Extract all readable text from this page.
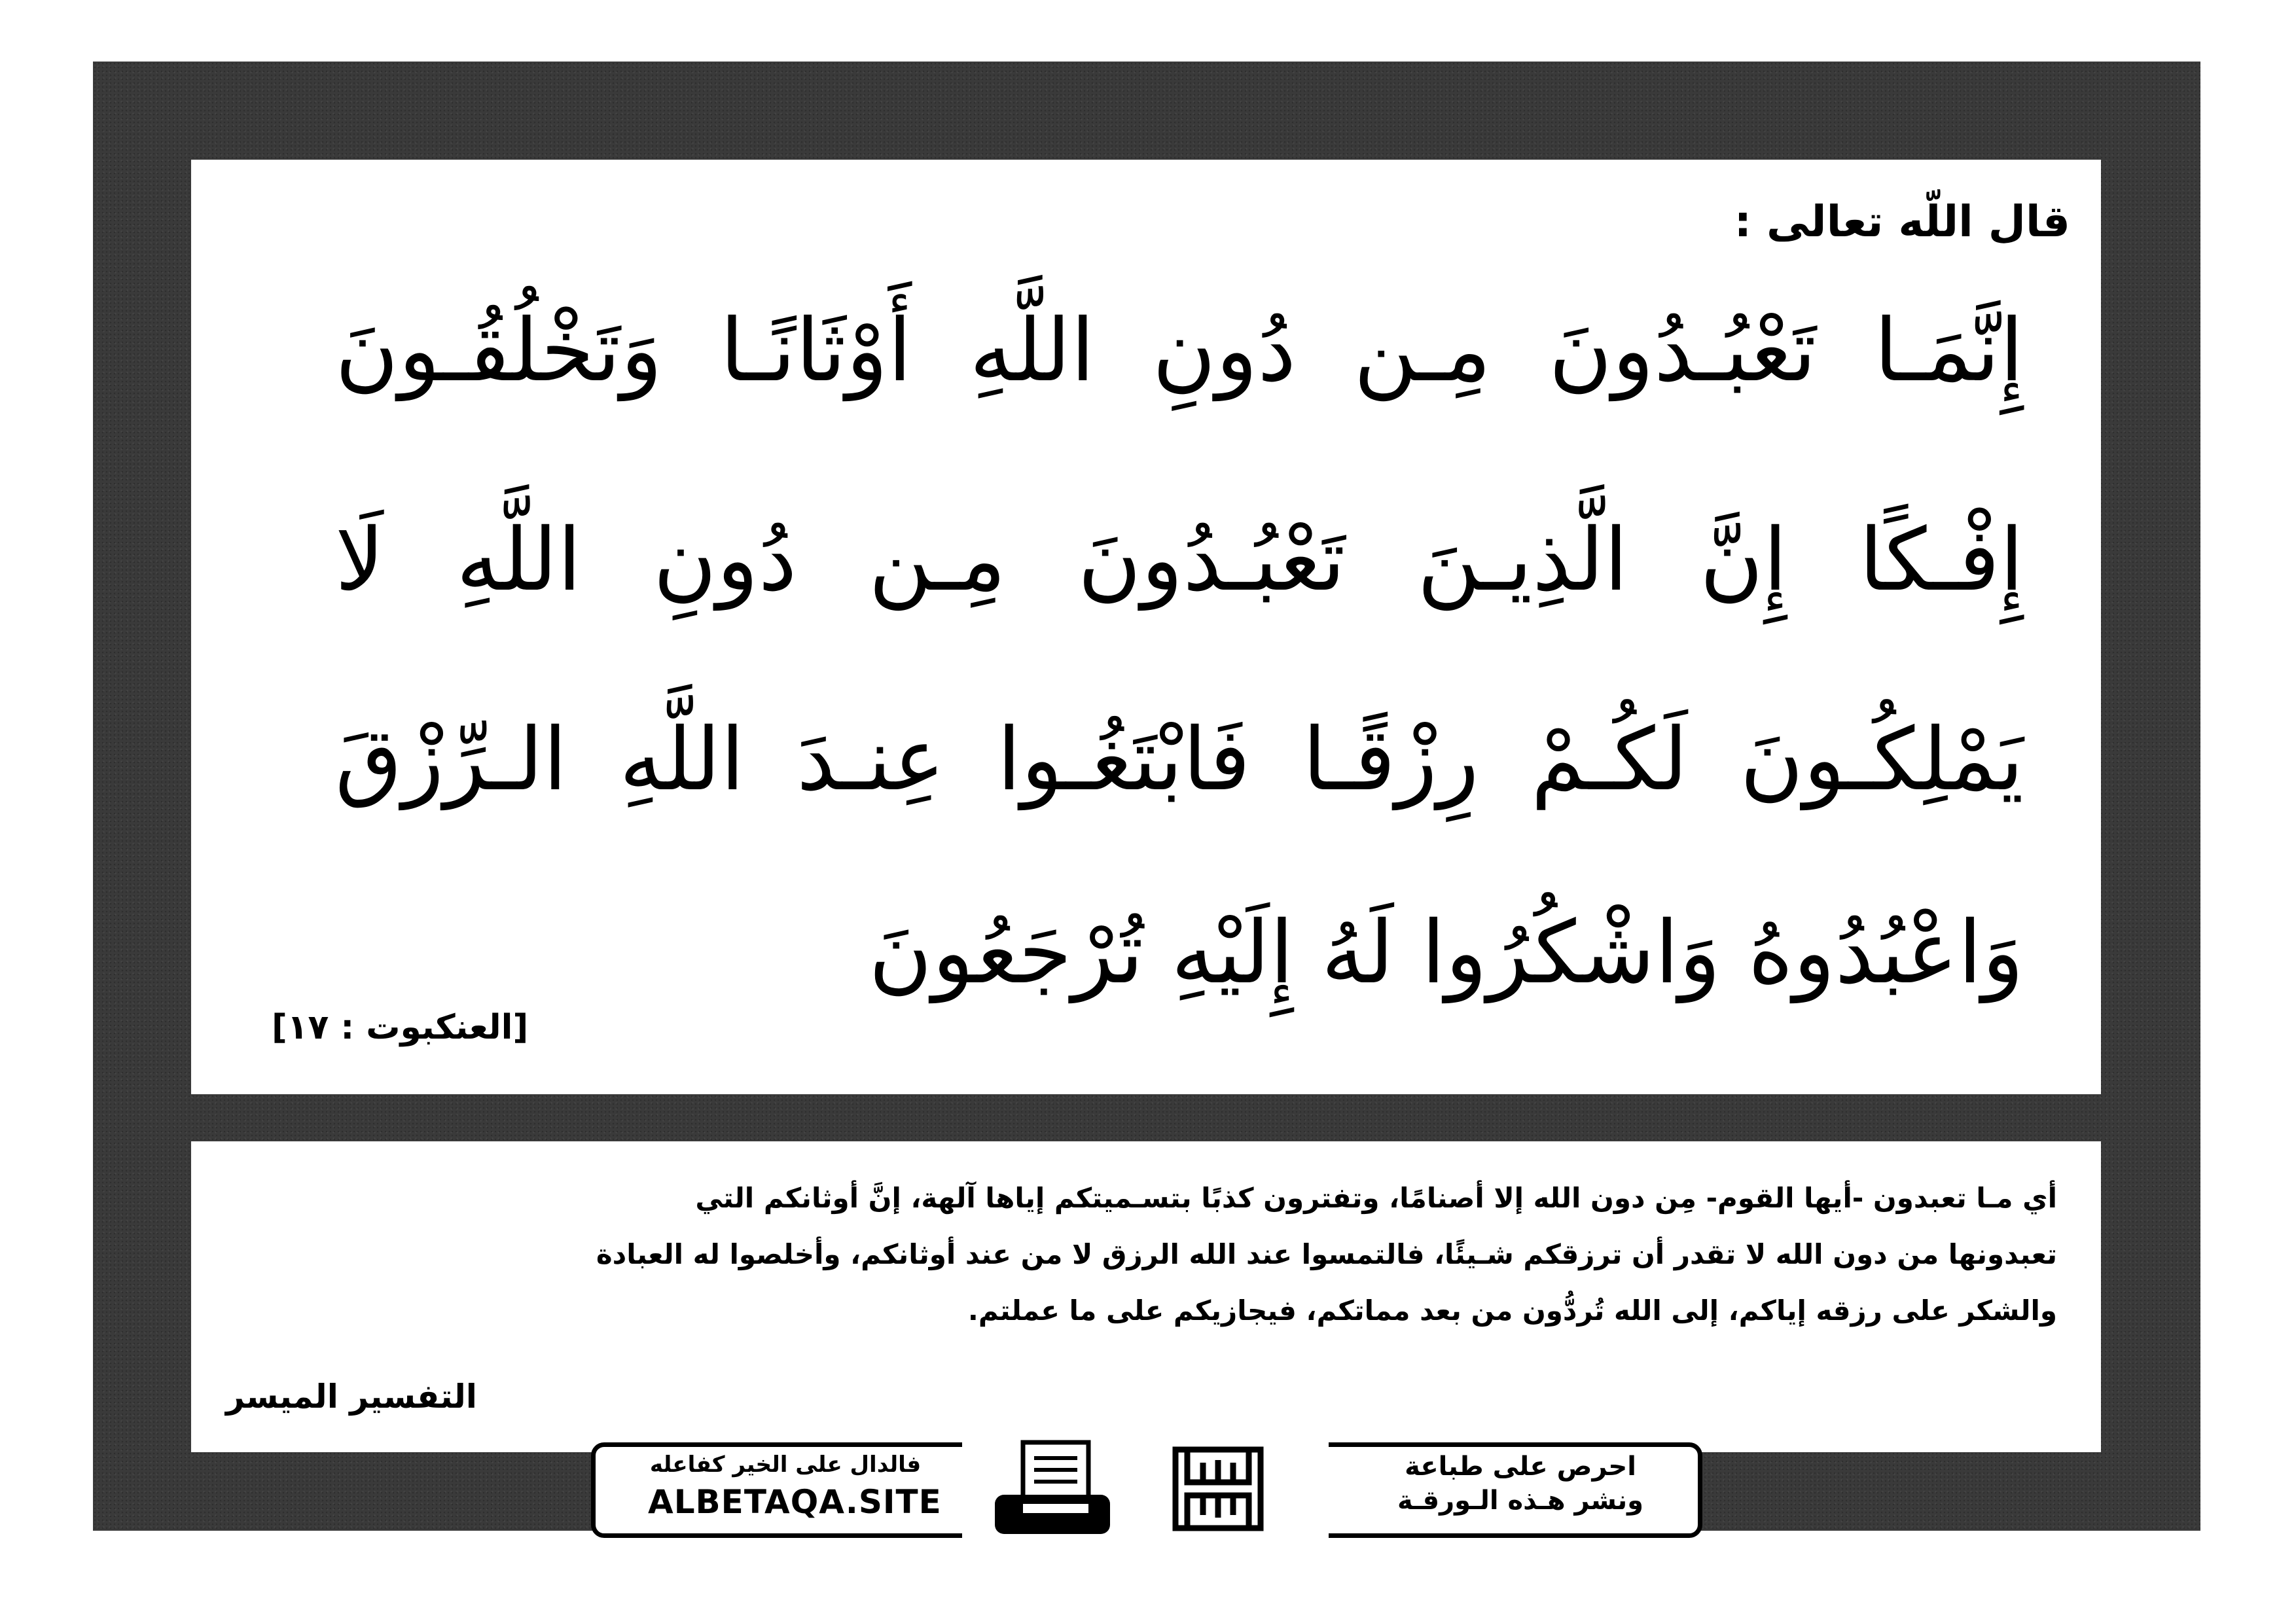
قال اللّه تعالى :
إِنَّمَـا تَعْبُـدُونَ مِـن دُونِ اللَّهِ أَوْثَانًـا وَتَخْلُقُـونَ
إِفْـكًا إِنَّ الَّذِيـنَ تَعْبُـدُونَ مِـن دُونِ اللَّهِ لَا
يَمْلِكُـونَ لَكُـمْ رِزْقًـا فَابْتَغُـوا عِنـدَ اللَّهِ الـرِّزْقَ
وَاعْبُدُوهُ وَاشْكُرُوا لَهُ إِلَيْهِ تُرْجَعُونَ
[العنكبوت : ١٧]
أي مـا تعبدون -أيها القوم- مِن دون الله إلا أصنامًا، وتفترون كذبًا بتسـميتكم إياها آلهة، إنَّ أوثانكم التي
تعبدونها من دون الله لا تقدر أن ترزقكم شـيئًا، فالتمسوا عند الله الرزق لا من عند أوثانكم، وأخلصوا له العبادة
والشكر على رزقه إياكم، إلى الله تُردُّون من بعد مماتكم، فيجازيكم على ما عملتم.
التفسير الميسر
فالدال على الخير كفاعله
ALBETAQA.SITE
احرص على طباعة
ونشر هـذه الـورقـة
